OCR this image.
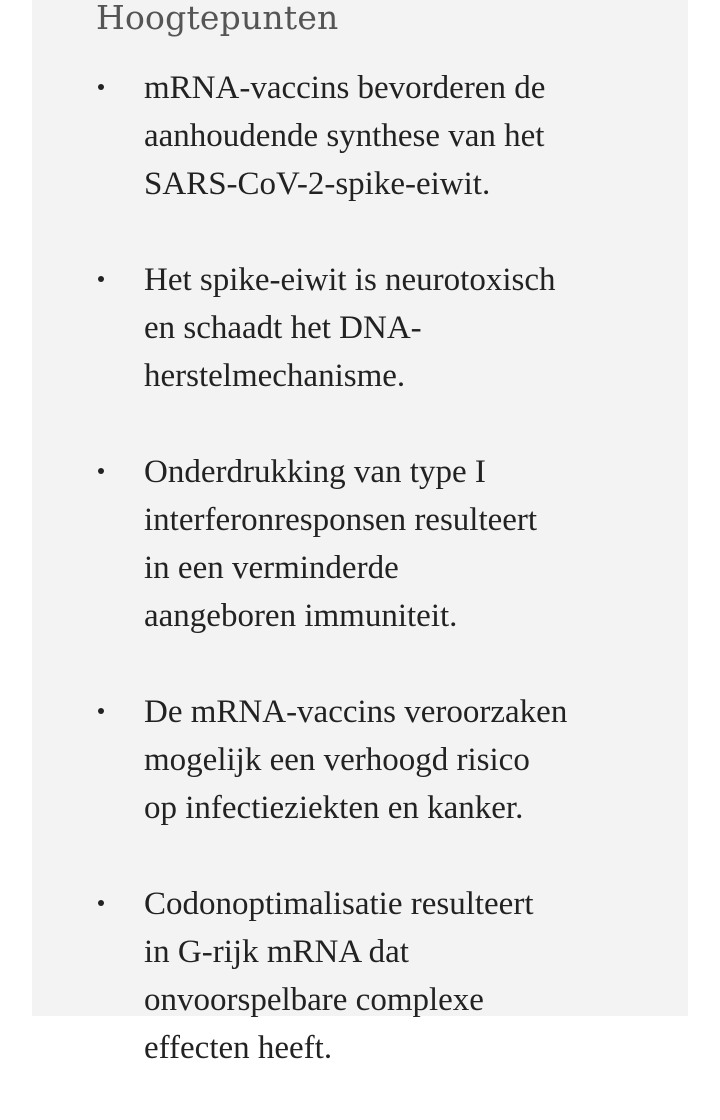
Hoogtepunten
mRNA-vaccins bevorderen de
aanhoudende synthese van het
SARS-CoV-2-spike-eiwit.
Het spike-eiwit is neurotoxisch
en schaadt het DNA-
herstelmechanisme.
Onderdrukking van type I
interferonresponsen resulteert
in een verminderde
aangeboren immuniteit.
De mRNA-vaccins veroorzaken
mogelijk een verhoogd risico
op infectieziekten en kanker.
Codonoptimalisatie resulteert
in G-rijk mRNA dat
onvoorspelbare complexe
effecten heeft.
